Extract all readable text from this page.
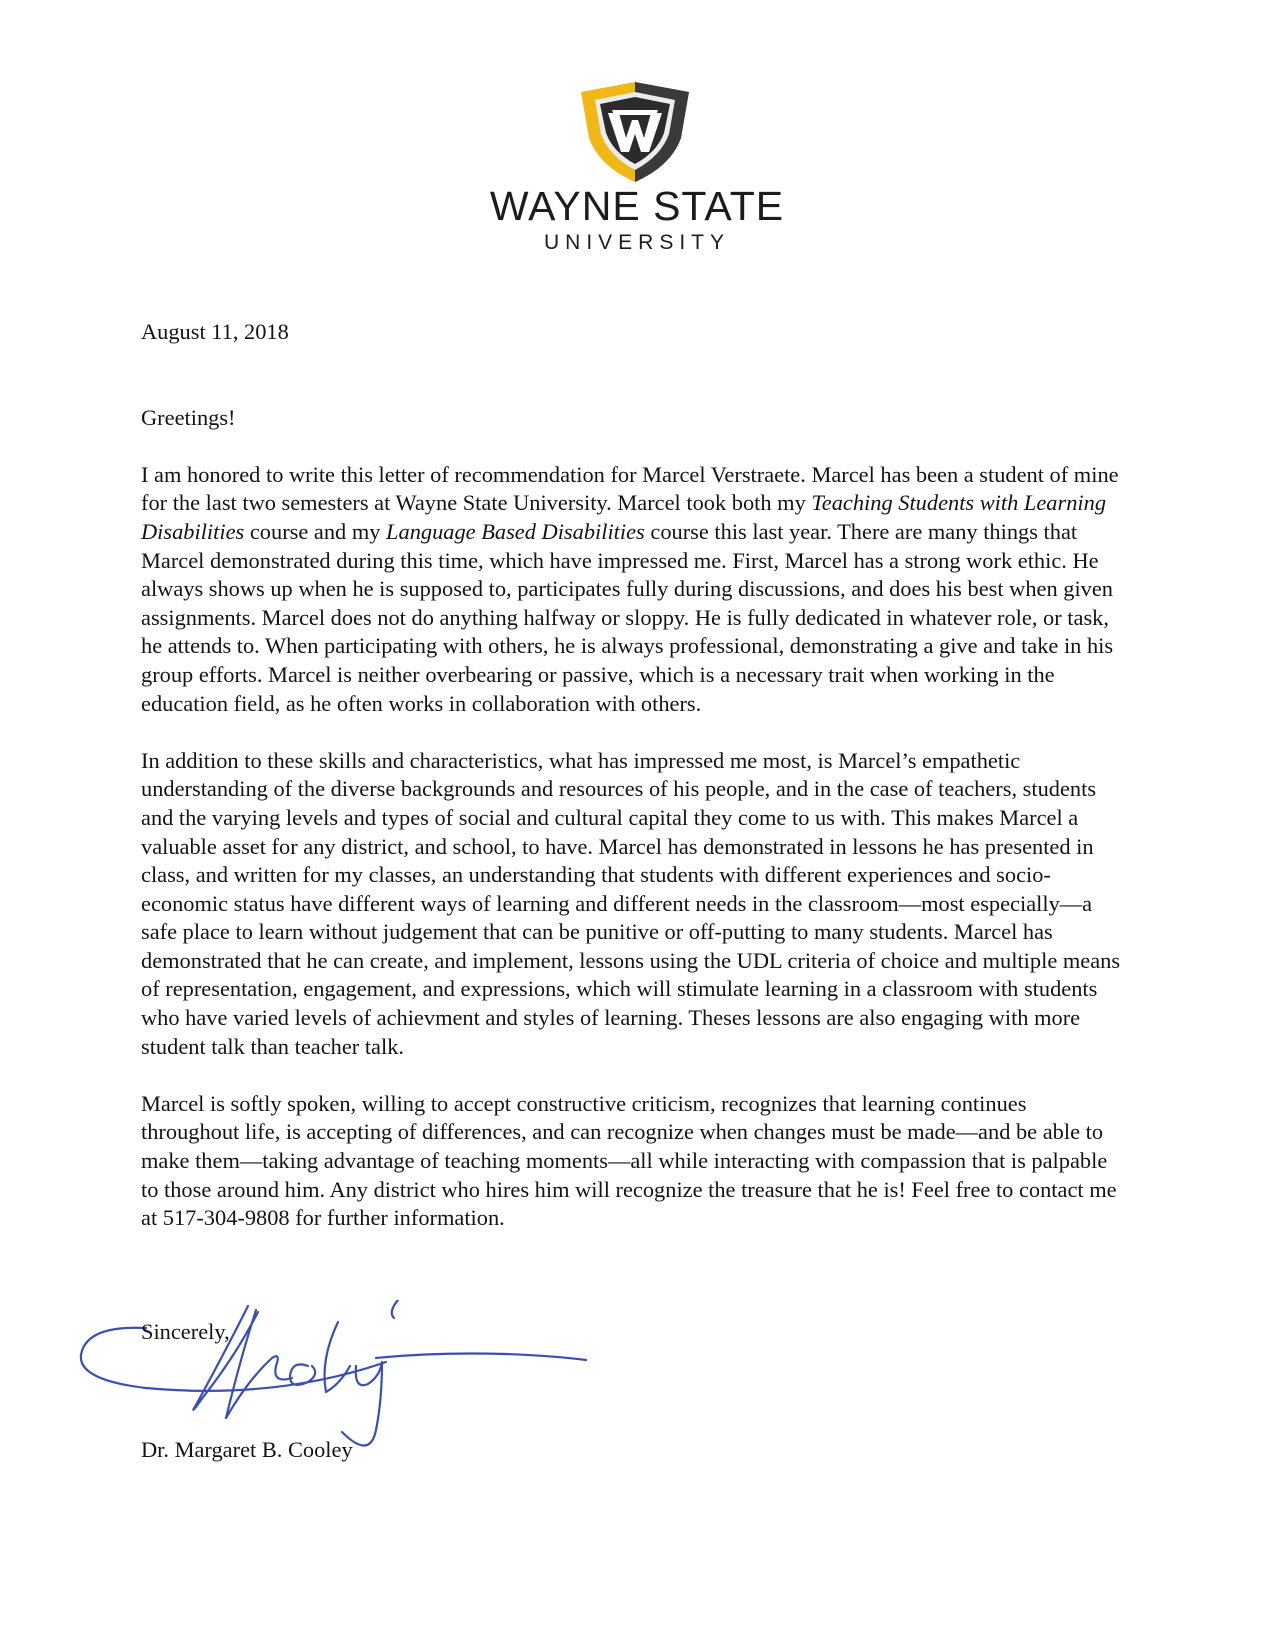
WAYNE STATE
UNIVERSITY

August 11, 2018

Greetings!

I am honored to write this letter of recommendation for Marcel Verstraete. Marcel has been a student of mine for the last two semesters at Wayne State University. Marcel took both my Teaching Students with Learning Disabilities course and my Language Based Disabilities course this last year. There are many things that Marcel demonstrated during this time, which have impressed me. First, Marcel has a strong work ethic. He always shows up when he is supposed to, participates fully during discussions, and does his best when given assignments. Marcel does not do anything halfway or sloppy. He is fully dedicated in whatever role, or task, he attends to. When participating with others, he is always professional, demonstrating a give and take in his group efforts. Marcel is neither overbearing or passive, which is a necessary trait when working in the education field, as he often works in collaboration with others.

In addition to these skills and characteristics, what has impressed me most, is Marcel’s empathetic understanding of the diverse backgrounds and resources of his people, and in the case of teachers, students and the varying levels and types of social and cultural capital they come to us with. This makes Marcel a valuable asset for any district, and school, to have. Marcel has demonstrated in lessons he has presented in class, and written for my classes, an understanding that students with different experiences and socio-economic status have different ways of learning and different needs in the classroom—most especially—a safe place to learn without judgement that can be punitive or off-putting to many students. Marcel has demonstrated that he can create, and implement, lessons using the UDL criteria of choice and multiple means of representation, engagement, and expressions, which will stimulate learning in a classroom with students who have varied levels of achievment and styles of learning. Theses lessons are also engaging with more student talk than teacher talk.

Marcel is softly spoken, willing to accept constructive criticism, recognizes that learning continues throughout life, is accepting of differences, and can recognize when changes must be made—and be able to make them—taking advantage of teaching moments—all while interacting with compassion that is palpable to those around him. Any district who hires him will recognize the treasure that he is! Feel free to contact me at 517-304-9808 for further information.

Sincerely,
Dr. Margaret B. Cooley
